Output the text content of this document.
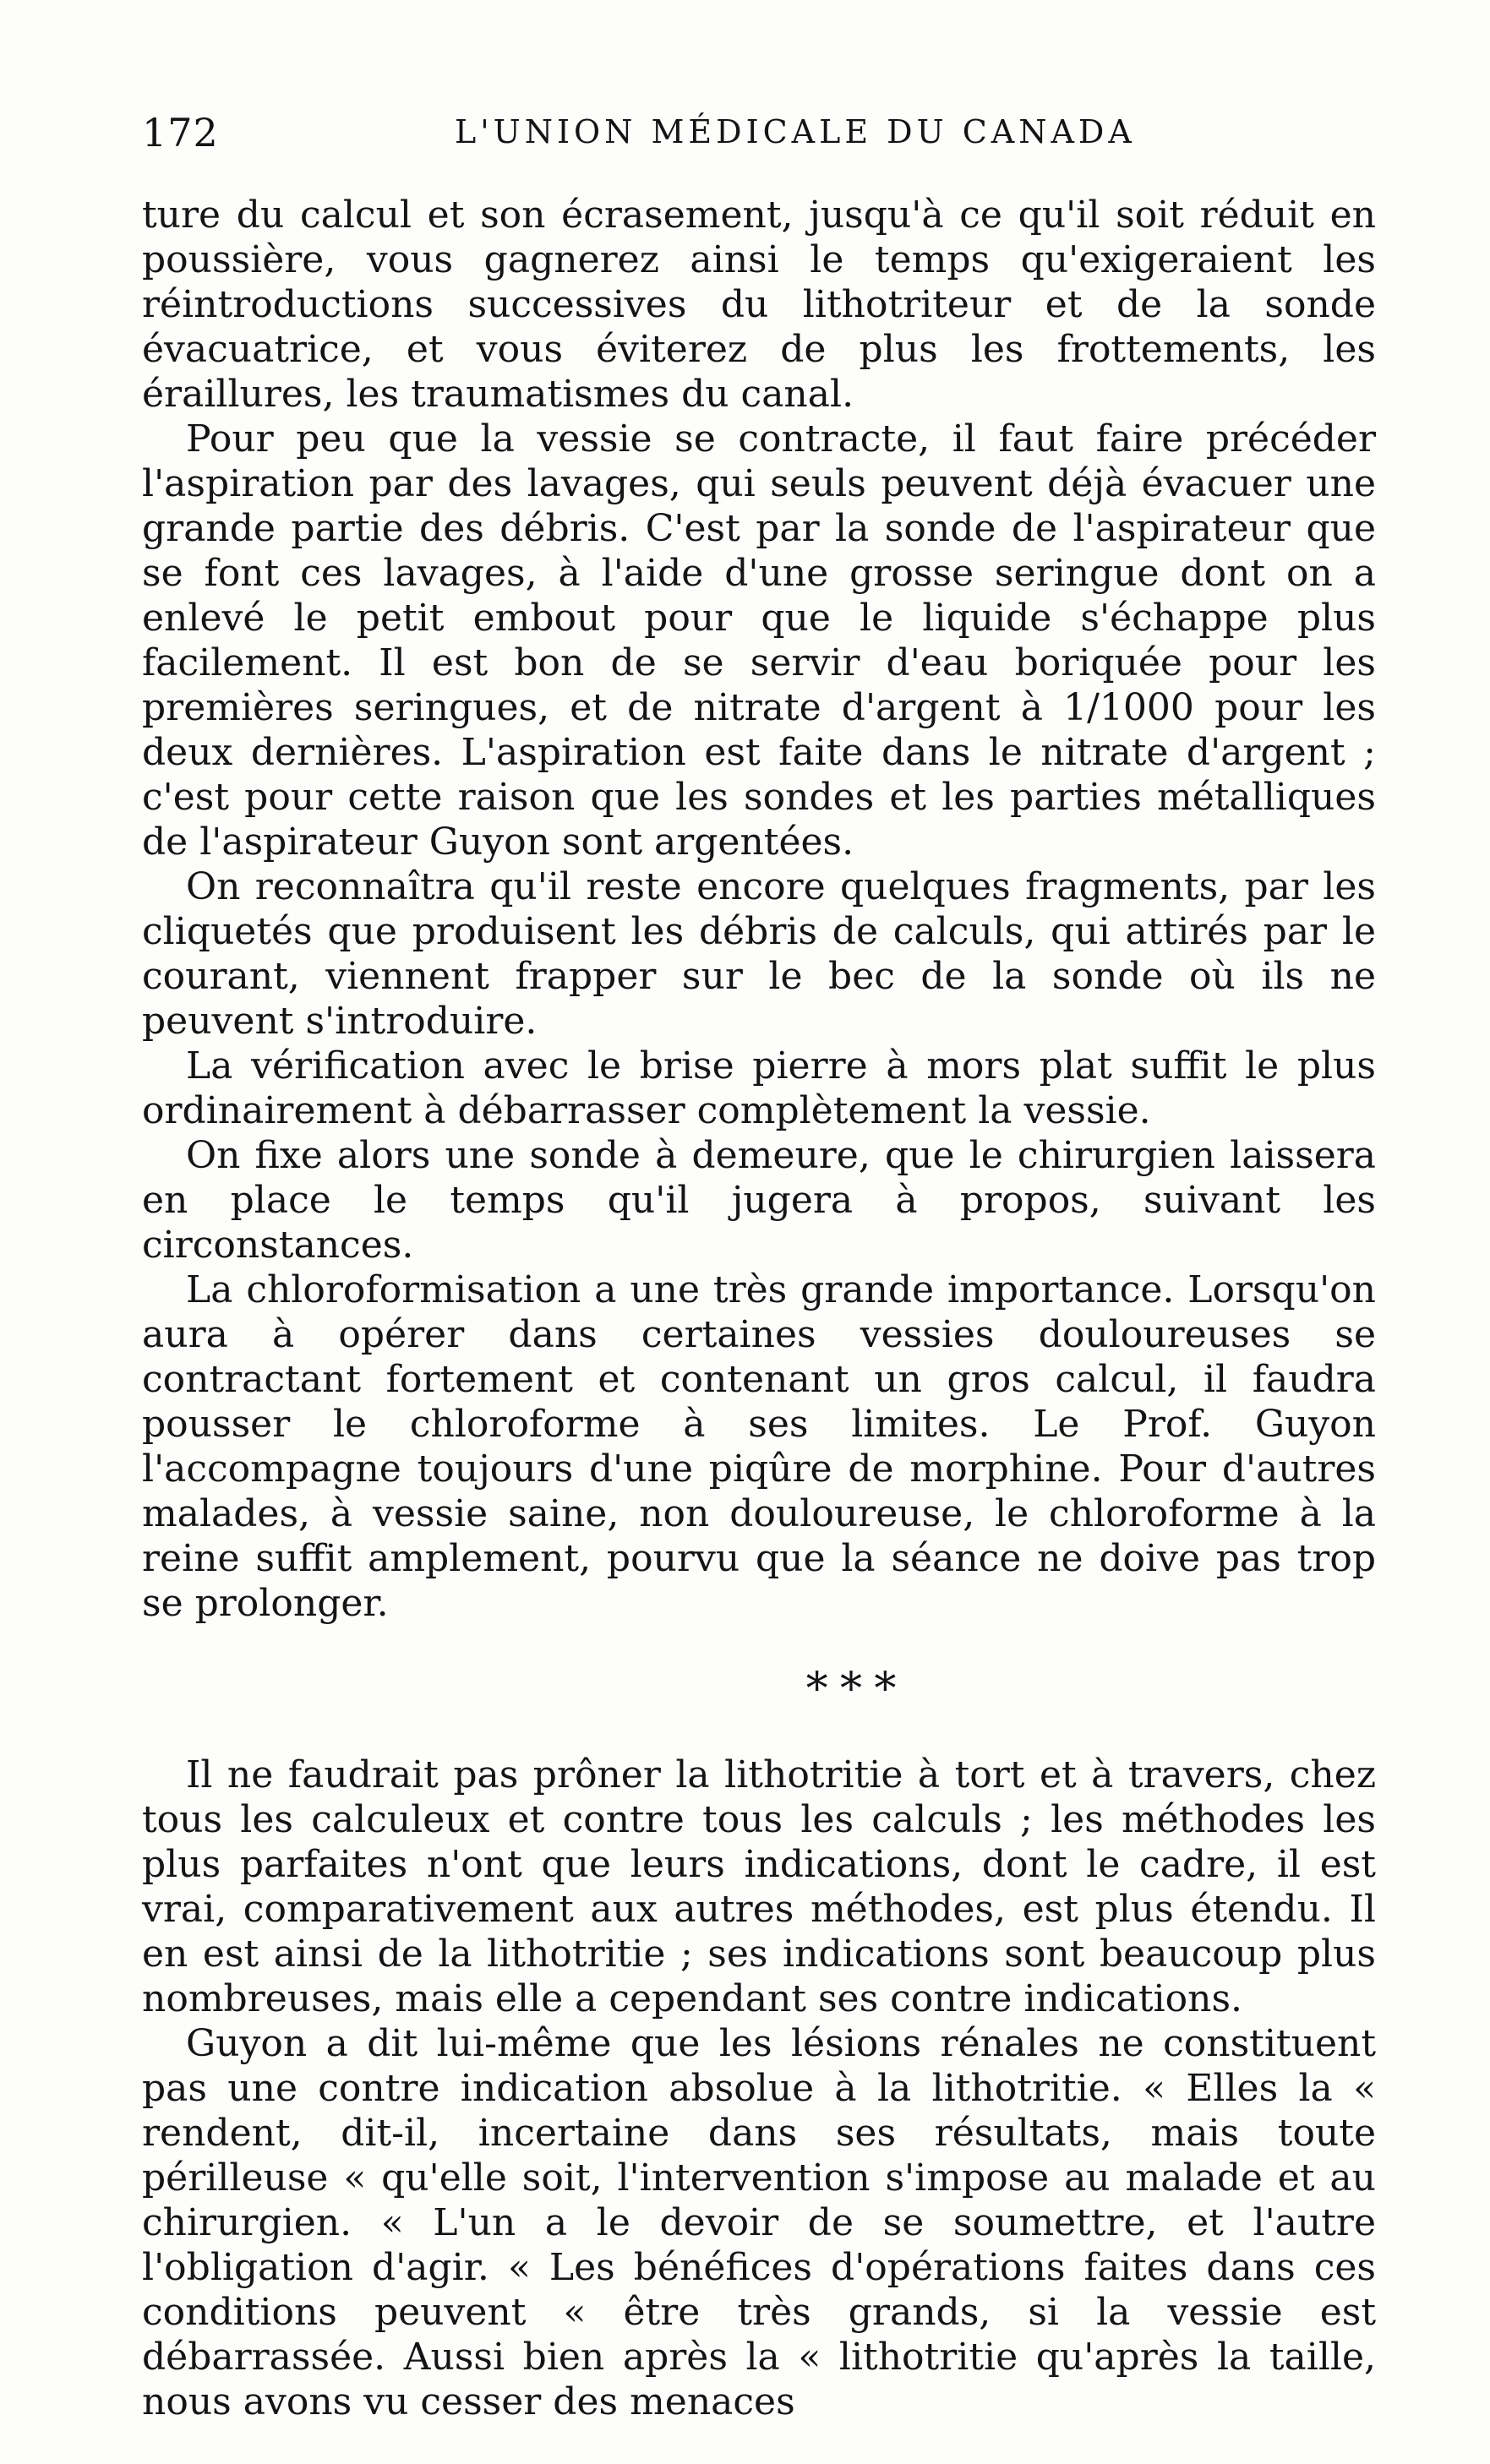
172	L'UNION MÉDICALE DU CANADA

ture du calcul et son écrasement, jusqu'à ce qu'il soit réduit en poussière, vous gagnerez ainsi le temps qu'exigeraient les réintroductions successives du lithotriteur et de la sonde évacuatrice, et vous éviterez de plus les frottements, les éraillures, les traumatismes du canal.

Pour peu que la vessie se contracte, il faut faire précéder l'aspiration par des lavages, qui seuls peuvent déjà évacuer une grande partie des débris. C'est par la sonde de l'aspirateur que se font ces lavages, à l'aide d'une grosse seringue dont on a enlevé le petit embout pour que le liquide s'échappe plus facilement. Il est bon de se servir d'eau boriquée pour les premières seringues, et de nitrate d'argent à 1/1000 pour les deux dernières. L'aspiration est faite dans le nitrate d'argent ; c'est pour cette raison que les sondes et les parties métalliques de l'aspirateur Guyon sont argentées.

On reconnaîtra qu'il reste encore quelques fragments, par les cliquetés que produisent les débris de calculs, qui attirés par le courant, viennent frapper sur le bec de la sonde où ils ne peuvent s'introduire.

La vérification avec le brise pierre à mors plat suffit le plus ordinairement à débarrasser complètement la vessie.

On fixe alors une sonde à demeure, que le chirurgien laissera en place le temps qu'il jugera à propos, suivant les circonstances.

La chloroformisation a une très grande importance. Lorsqu'on aura à opérer dans certaines vessies douloureuses se contractant fortement et contenant un gros calcul, il faudra pousser le chloroforme à ses limites. Le Prof. Guyon l'accompagne toujours d'une piqûre de morphine. Pour d'autres malades, à vessie saine, non douloureuse, le chloroforme à la reine suffit amplement, pourvu que la séance ne doive pas trop se prolonger.

* * *

Il ne faudrait pas prôner la lithotritie à tort et à travers, chez tous les calculeux et contre tous les calculs ; les méthodes les plus parfaites n'ont que leurs indications, dont le cadre, il est vrai, comparativement aux autres méthodes, est plus étendu. Il en est ainsi de la lithotritie ; ses indications sont beaucoup plus nombreuses, mais elle a cependant ses contre indications.

Guyon a dit lui-même que les lésions rénales ne constituent pas une contre indication absolue à la lithotritie. « Elles la « rendent, dit-il, incertaine dans ses résultats, mais toute périlleuse « qu'elle soit, l'intervention s'impose au malade et au chirurgien. « L'un a le devoir de se soumettre, et l'autre l'obligation d'agir. « Les bénéfices d'opérations faites dans ces conditions peuvent « être très grands, si la vessie est débarrassée. Aussi bien après la « lithotritie qu'après la taille, nous avons vu cesser des menaces
